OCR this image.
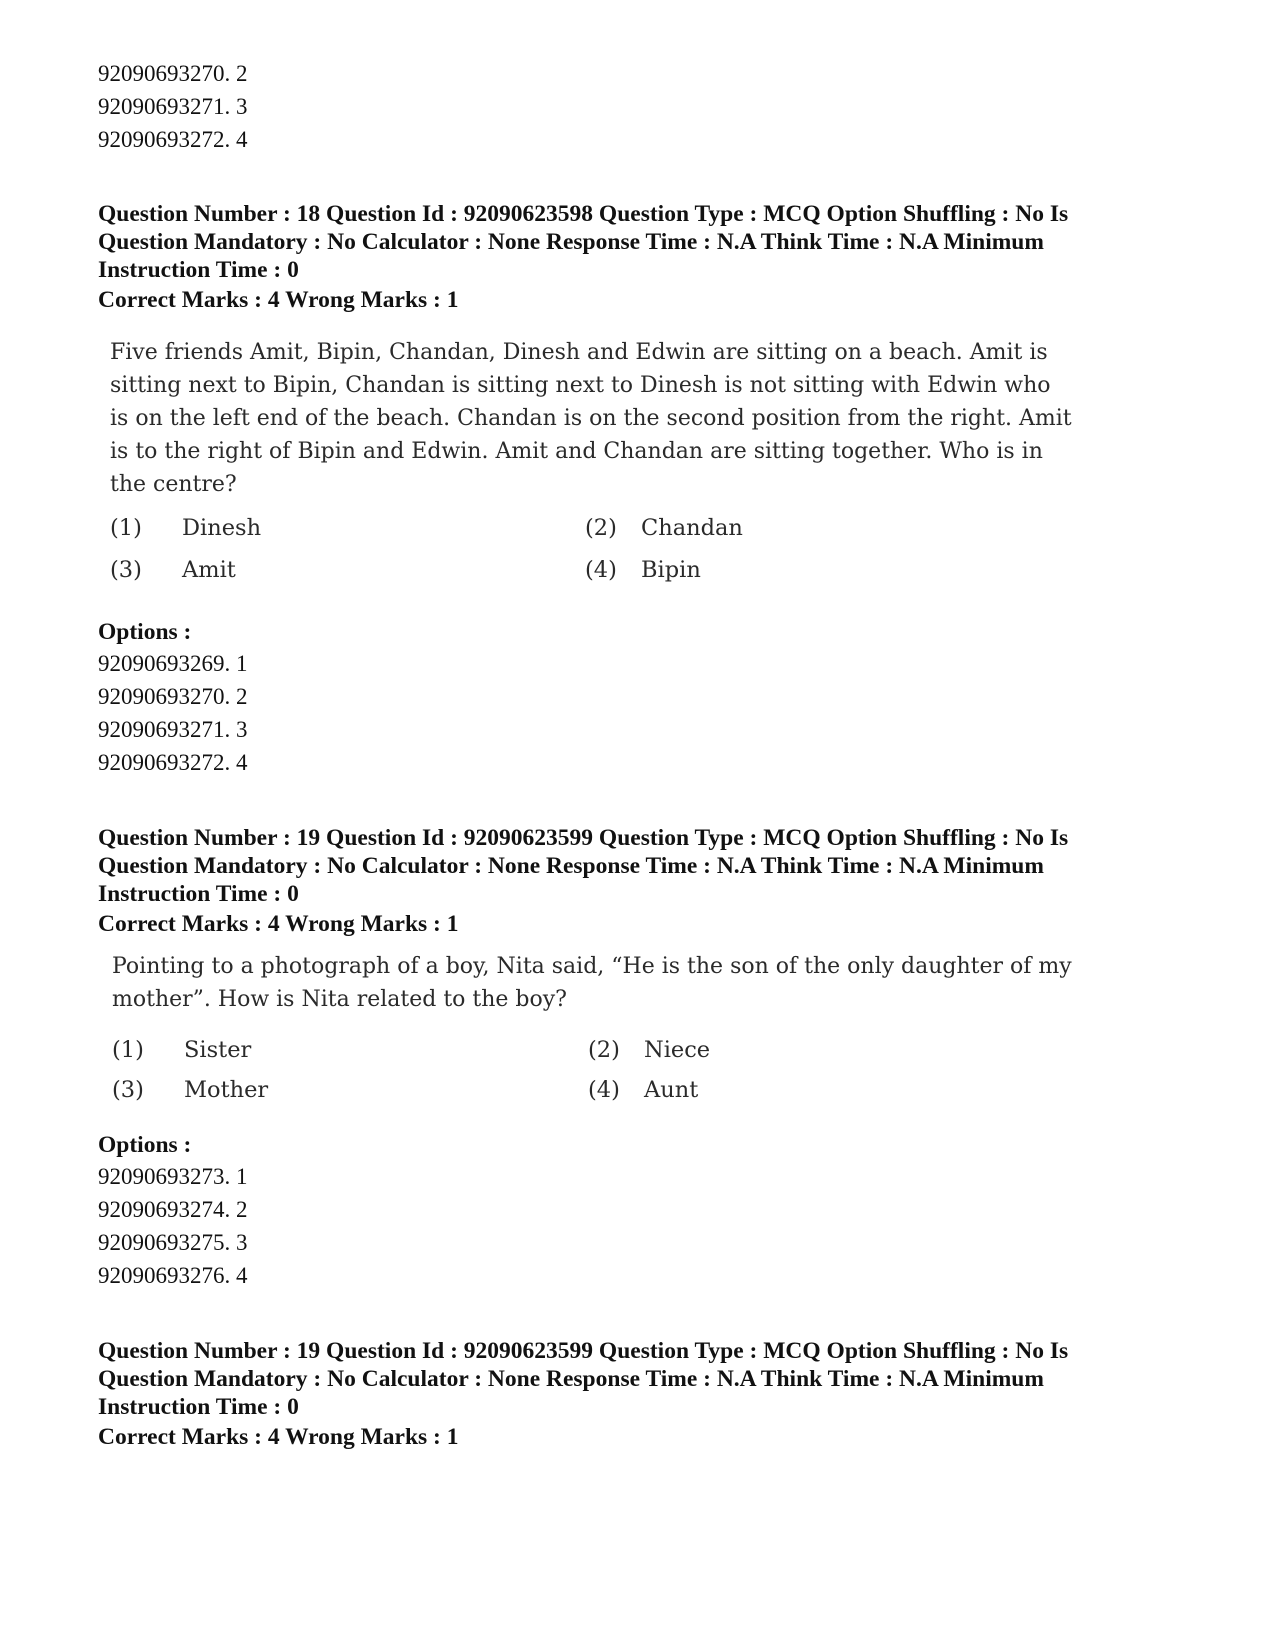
92090693270. 2
92090693271. 3
92090693272. 4
Question Number : 18 Question Id : 92090623598 Question Type : MCQ Option Shuffling : No Is
Question Mandatory : No Calculator : None Response Time : N.A Think Time : N.A Minimum
Instruction Time : 0
Correct Marks : 4 Wrong Marks : 1
Five friends Amit, Bipin, Chandan, Dinesh and Edwin are sitting on a beach. Amit is
sitting next to Bipin, Chandan is sitting next to Dinesh is not sitting with Edwin who
is on the left end of the beach. Chandan is on the second position from the right. Amit
is to the right of Bipin and Edwin. Amit and Chandan are sitting together. Who is in
the centre?
(1) Dinesh	(2) Chandan
(3) Amit	(4) Bipin
Options :
92090693269. 1
92090693270. 2
92090693271. 3
92090693272. 4
Question Number : 19 Question Id : 92090623599 Question Type : MCQ Option Shuffling : No Is
Question Mandatory : No Calculator : None Response Time : N.A Think Time : N.A Minimum
Instruction Time : 0
Correct Marks : 4 Wrong Marks : 1
Pointing to a photograph of a boy, Nita said, “He is the son of the only daughter of my
mother”. How is Nita related to the boy?
(1) Sister	(2) Niece
(3) Mother	(4) Aunt
Options :
92090693273. 1
92090693274. 2
92090693275. 3
92090693276. 4
Question Number : 19 Question Id : 92090623599 Question Type : MCQ Option Shuffling : No Is
Question Mandatory : No Calculator : None Response Time : N.A Think Time : N.A Minimum
Instruction Time : 0
Correct Marks : 4 Wrong Marks : 1
